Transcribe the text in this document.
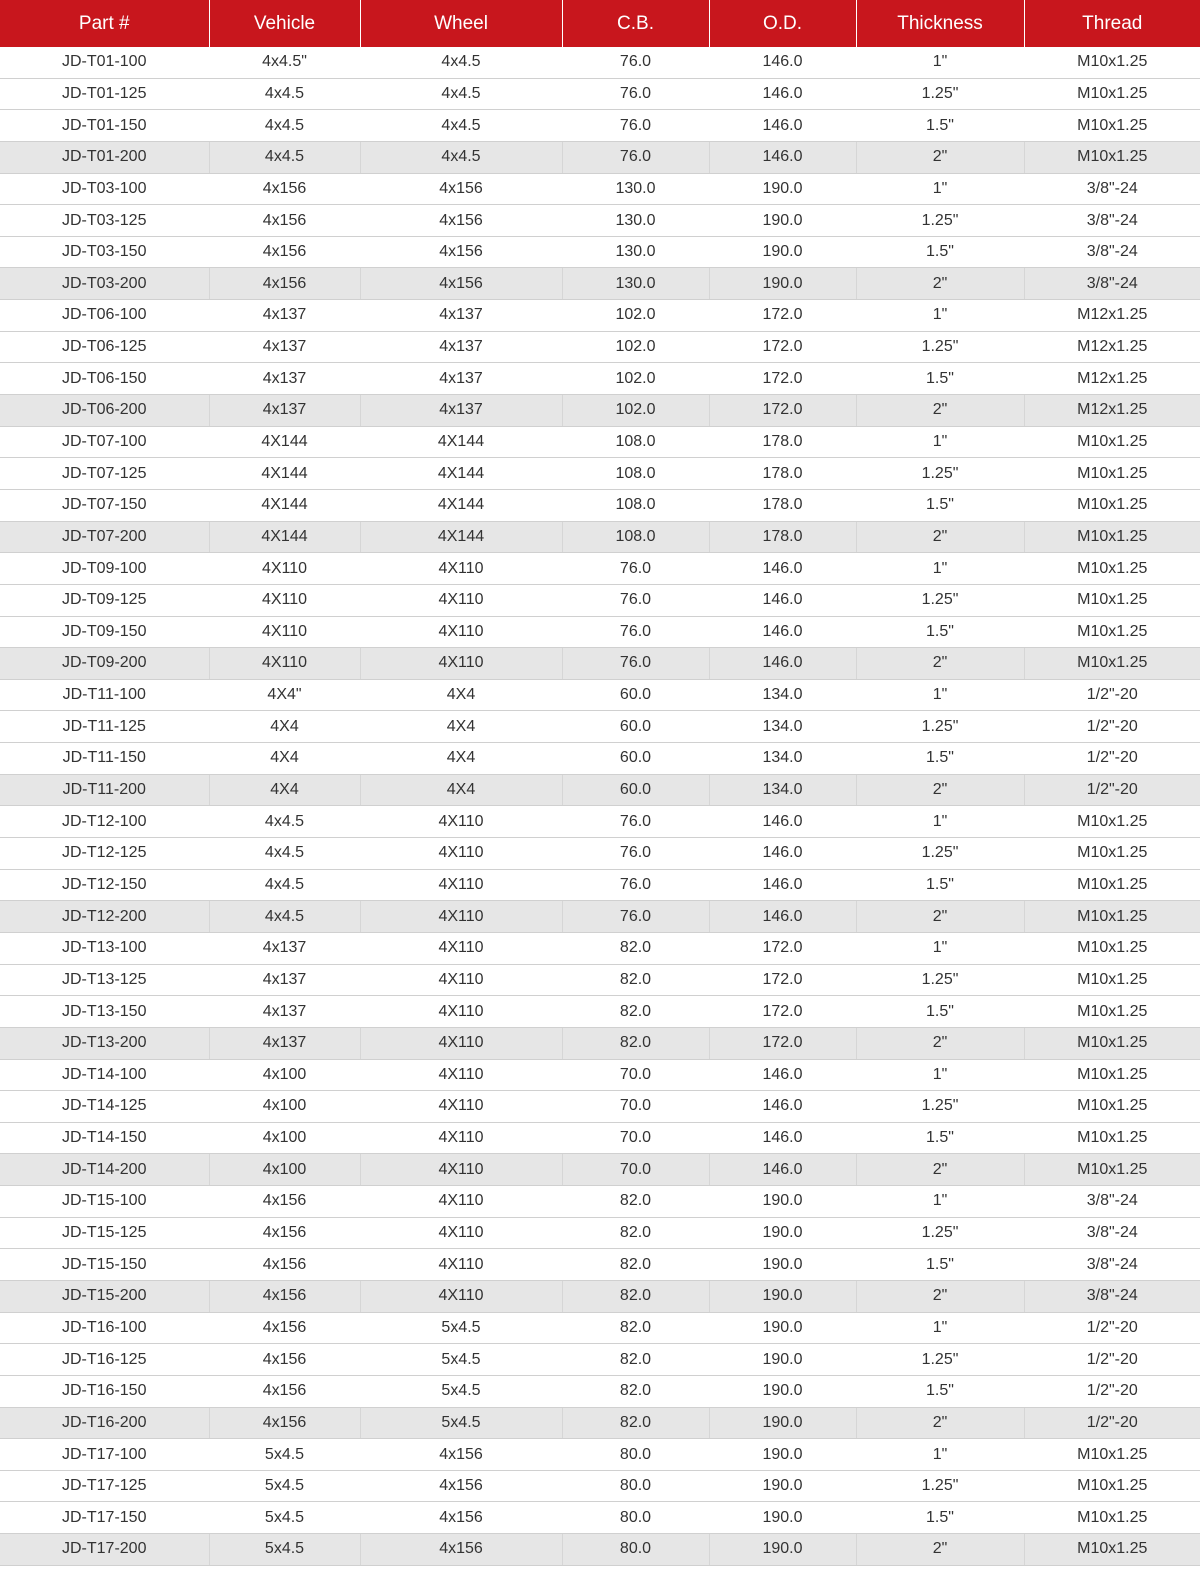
Part #	Vehicle	Wheel	C.B.	O.D.	Thickness	Thread
JD-T01-100	4x4.5"	4x4.5	76.0	146.0	1"	M10x1.25
JD-T01-125	4x4.5	4x4.5	76.0	146.0	1.25"	M10x1.25
JD-T01-150	4x4.5	4x4.5	76.0	146.0	1.5"	M10x1.25
JD-T01-200	4x4.5	4x4.5	76.0	146.0	2"	M10x1.25
JD-T03-100	4x156	4x156	130.0	190.0	1"	3/8"-24
JD-T03-125	4x156	4x156	130.0	190.0	1.25"	3/8"-24
JD-T03-150	4x156	4x156	130.0	190.0	1.5"	3/8"-24
JD-T03-200	4x156	4x156	130.0	190.0	2"	3/8"-24
JD-T06-100	4x137	4x137	102.0	172.0	1"	M12x1.25
JD-T06-125	4x137	4x137	102.0	172.0	1.25"	M12x1.25
JD-T06-150	4x137	4x137	102.0	172.0	1.5"	M12x1.25
JD-T06-200	4x137	4x137	102.0	172.0	2"	M12x1.25
JD-T07-100	4X144	4X144	108.0	178.0	1"	M10x1.25
JD-T07-125	4X144	4X144	108.0	178.0	1.25"	M10x1.25
JD-T07-150	4X144	4X144	108.0	178.0	1.5"	M10x1.25
JD-T07-200	4X144	4X144	108.0	178.0	2"	M10x1.25
JD-T09-100	4X110	4X110	76.0	146.0	1"	M10x1.25
JD-T09-125	4X110	4X110	76.0	146.0	1.25"	M10x1.25
JD-T09-150	4X110	4X110	76.0	146.0	1.5"	M10x1.25
JD-T09-200	4X110	4X110	76.0	146.0	2"	M10x1.25
JD-T11-100	4X4"	4X4	60.0	134.0	1"	1/2"-20
JD-T11-125	4X4	4X4	60.0	134.0	1.25"	1/2"-20
JD-T11-150	4X4	4X4	60.0	134.0	1.5"	1/2"-20
JD-T11-200	4X4	4X4	60.0	134.0	2"	1/2"-20
JD-T12-100	4x4.5	4X110	76.0	146.0	1"	M10x1.25
JD-T12-125	4x4.5	4X110	76.0	146.0	1.25"	M10x1.25
JD-T12-150	4x4.5	4X110	76.0	146.0	1.5"	M10x1.25
JD-T12-200	4x4.5	4X110	76.0	146.0	2"	M10x1.25
JD-T13-100	4x137	4X110	82.0	172.0	1"	M10x1.25
JD-T13-125	4x137	4X110	82.0	172.0	1.25"	M10x1.25
JD-T13-150	4x137	4X110	82.0	172.0	1.5"	M10x1.25
JD-T13-200	4x137	4X110	82.0	172.0	2"	M10x1.25
JD-T14-100	4x100	4X110	70.0	146.0	1"	M10x1.25
JD-T14-125	4x100	4X110	70.0	146.0	1.25"	M10x1.25
JD-T14-150	4x100	4X110	70.0	146.0	1.5"	M10x1.25
JD-T14-200	4x100	4X110	70.0	146.0	2"	M10x1.25
JD-T15-100	4x156	4X110	82.0	190.0	1"	3/8"-24
JD-T15-125	4x156	4X110	82.0	190.0	1.25"	3/8"-24
JD-T15-150	4x156	4X110	82.0	190.0	1.5"	3/8"-24
JD-T15-200	4x156	4X110	82.0	190.0	2"	3/8"-24
JD-T16-100	4x156	5x4.5	82.0	190.0	1"	1/2"-20
JD-T16-125	4x156	5x4.5	82.0	190.0	1.25"	1/2"-20
JD-T16-150	4x156	5x4.5	82.0	190.0	1.5"	1/2"-20
JD-T16-200	4x156	5x4.5	82.0	190.0	2"	1/2"-20
JD-T17-100	5x4.5	4x156	80.0	190.0	1"	M10x1.25
JD-T17-125	5x4.5	4x156	80.0	190.0	1.25"	M10x1.25
JD-T17-150	5x4.5	4x156	80.0	190.0	1.5"	M10x1.25
JD-T17-200	5x4.5	4x156	80.0	190.0	2"	M10x1.25
